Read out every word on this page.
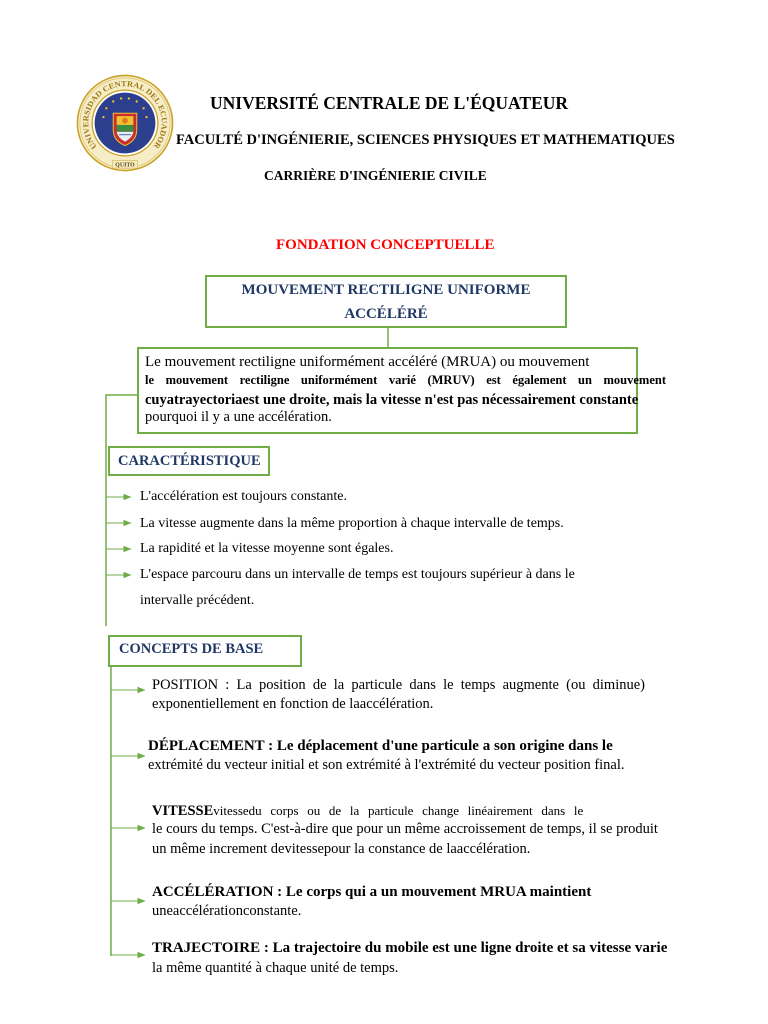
UNIVERSIDAD CENTRAL DEL ECUADOR
QUITO
UNIVERSITÉ CENTRALE DE L'ÉQUATEUR
FACULTÉ D'INGÉNIERIE, SCIENCES PHYSIQUES ET MATHEMATIQUES
CARRIÈRE D'INGÉNIERIE CIVILE
FONDATION CONCEPTUELLE
MOUVEMENT RECTILIGNE UNIFORME
ACCÉLÉRÉ
Le mouvement rectiligne uniformément accéléré (MRUA) ou mouvement
le mouvement rectiligne uniformément varié (MRUV) est également un mouvement
cuyatrayectoriaest une droite, mais la vitesse n'est pas nécessairement constante
pourquoi il y a une accélération.
CARACTÉRISTIQUE
L'accélération est toujours constante.
La vitesse augmente dans la même proportion à chaque intervalle de temps.
La rapidité et la vitesse moyenne sont égales.
L'espace parcouru dans un intervalle de temps est toujours supérieur à dans le
intervalle précédent.
CONCEPTS DE BASE
POSITION : La position de la particule dans le temps augmente (ou diminue)
exponentiellement en fonction de laaccélération.
DÉPLACEMENT : Le déplacement d'une particule a son origine dans le
extrémité du vecteur initial et son extrémité à l'extrémité du vecteur position final.
VITESSEvitessedu corps ou de la particule change linéairement dans le
le cours du temps. C'est-à-dire que pour un même accroissement de temps, il se produit
un même increment devitessepour la constance de laaccélération.
ACCÉLÉRATION : Le corps qui a un mouvement MRUA maintient
uneaccélérationconstante.
TRAJECTOIRE : La trajectoire du mobile est une ligne droite et sa vitesse varie
la même quantité à chaque unité de temps.
